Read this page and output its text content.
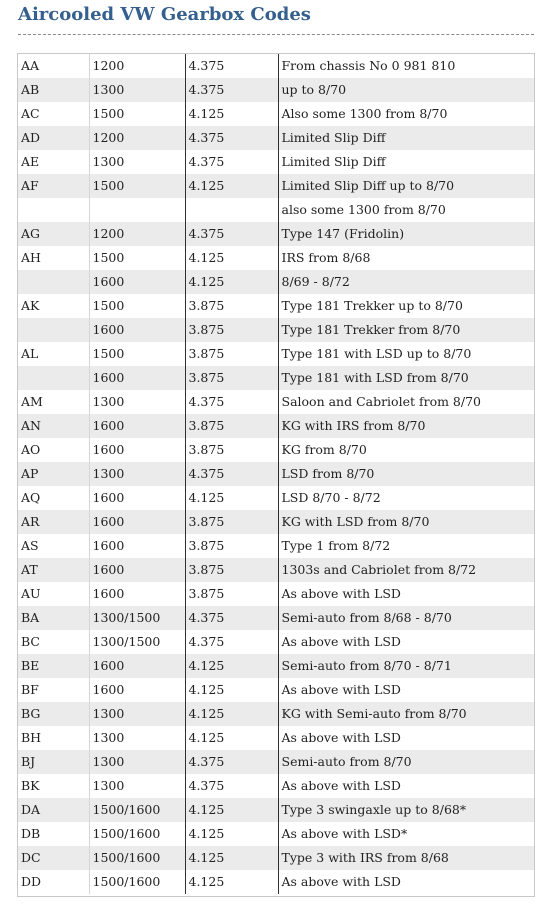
Aircooled VW Gearbox Codes
AA	1200	4.375	From chassis No 0 981 810
AB	1300	4.375	up to 8/70
AC	1500	4.125	Also some 1300 from 8/70
AD	1200	4.375	Limited Slip Diff
AE	1300	4.375	Limited Slip Diff
AF	1500	4.125	Limited Slip Diff up to 8/70
			also some 1300 from 8/70
AG	1200	4.375	Type 147 (Fridolin)
AH	1500	4.125	IRS from 8/68
	1600	4.125	8/69 - 8/72
AK	1500	3.875	Type 181 Trekker up to 8/70
	1600	3.875	Type 181 Trekker from 8/70
AL	1500	3.875	Type 181 with LSD up to 8/70
	1600	3.875	Type 181 with LSD from 8/70
AM	1300	4.375	Saloon and Cabriolet from 8/70
AN	1600	3.875	KG with IRS from 8/70
AO	1600	3.875	KG from 8/70
AP	1300	4.375	LSD from 8/70
AQ	1600	4.125	LSD 8/70 - 8/72
AR	1600	3.875	KG with LSD from 8/70
AS	1600	3.875	Type 1 from 8/72
AT	1600	3.875	1303s and Cabriolet from 8/72
AU	1600	3.875	As above with LSD
BA	1300/1500	4.375	Semi-auto from 8/68 - 8/70
BC	1300/1500	4.375	As above with LSD
BE	1600	4.125	Semi-auto from 8/70 - 8/71
BF	1600	4.125	As above with LSD
BG	1300	4.125	KG with Semi-auto from 8/70
BH	1300	4.125	As above with LSD
BJ	1300	4.375	Semi-auto from 8/70
BK	1300	4.375	As above with LSD
DA	1500/1600	4.125	Type 3 swingaxle up to 8/68*
DB	1500/1600	4.125	As above with LSD*
DC	1500/1600	4.125	Type 3 with IRS from 8/68
DD	1500/1600	4.125	As above with LSD
